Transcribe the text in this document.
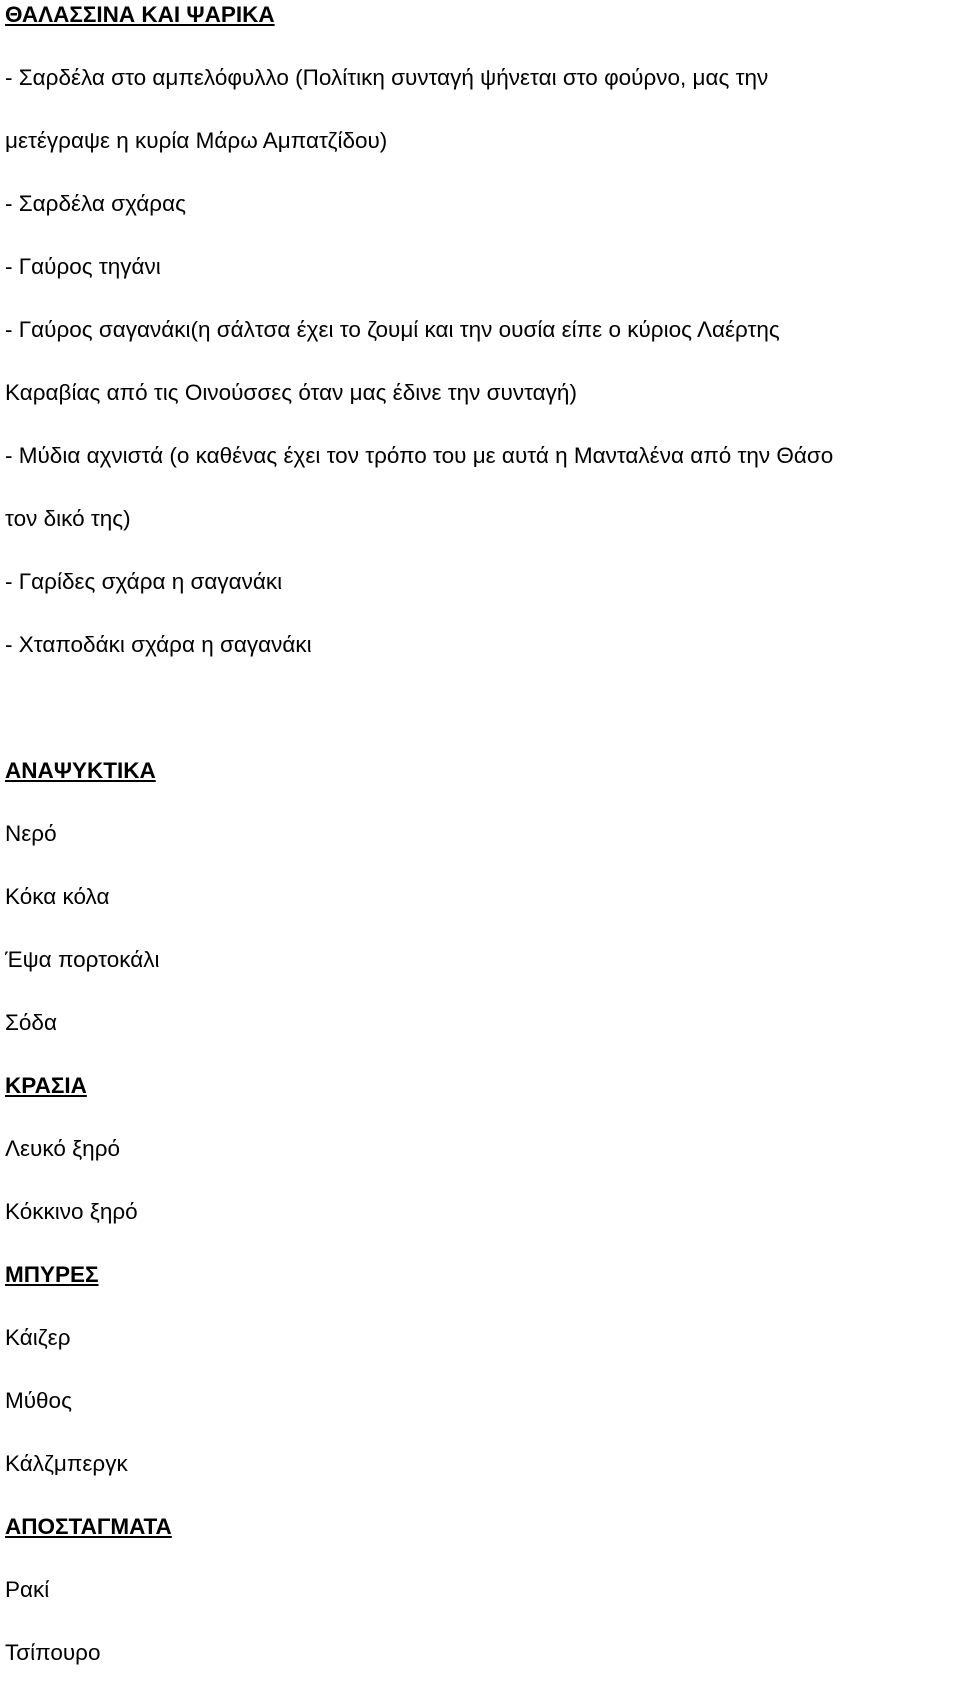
ΘΑΛΑΣΣΙΝΑ ΚΑΙ ΨΑΡΙΚΑ
- Σαρδέλα στο αμπελόφυλλο (Πολίτικη συνταγή ψήνεται στο φούρνο, μας την
μετέγραψε η κυρία Μάρω Αμπατζίδου)
- Σαρδέλα σχάρας
- Γαύρος τηγάνι
- Γαύρος σαγανάκι(η σάλτσα έχει το ζουμί και την ουσία είπε ο κύριος Λαέρτης
Καραβίας από τις Οινούσσες όταν μας έδινε την συνταγή)
- Μύδια αχνιστά (ο καθένας έχει τον τρόπο του με αυτά η Μανταλένα από την Θάσο
τον δικό της)
- Γαρίδες σχάρα η σαγανάκι
- Χταποδάκι σχάρα η σαγανάκι
ΑΝΑΨΥΚΤΙΚΑ
Νερό
Κόκα κόλα
Έψα πορτοκάλι
Σόδα
ΚΡΑΣΙΑ
Λευκό ξηρό
Κόκκινο ξηρό
ΜΠΥΡΕΣ
Κάιζερ
Μύθος
Κάλζμπεργκ
ΑΠΟΣΤΑΓΜΑΤΑ
Ρακί
Τσίπουρο
